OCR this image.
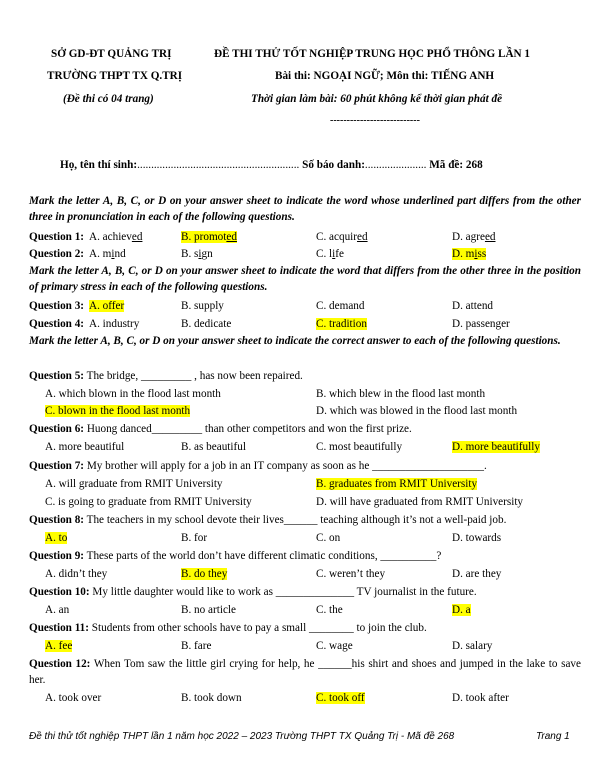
SỞ GD-ĐT QUẢNG TRỊ
TRƯỜNG THPT TX Q.TRỊ
(Đề thi có 04 trang)
ĐỀ THI THỬ TỐT NGHIỆP TRUNG HỌC PHỔ THÔNG LẦN 1
Bài thi: NGOẠI NGỮ; Môn thi: TIẾNG ANH
Thời gian làm bài: 60 phút không kể thời gian phát đề
---------------------------
Họ, tên thí sinh:.......................................................... Số báo danh:...................... Mã đề: 268
Mark the letter A, B, C, or D on your answer sheet to indicate the word whose underlined part differs from the other three in pronunciation in each of the following questions.
Question 1: A. achieved	B. promoted	C. acquired	D. agreed
Question 2: A. mind	B. sign	C. life	D. miss
Mark the letter A, B, C, or D on your answer sheet to indicate the word that differs from the other three in the position of primary stress in each of the following questions.
Question 3: A. offer	B. supply	C. demand	D. attend
Question 4: A. industry	B. dedicate	C. tradition	D. passenger
Mark the letter A, B, C, or D on your answer sheet to indicate the correct answer to each of the following questions.
Question 5: The bridge, _________ , has now been repaired.
A. which blown in the flood last month	B. which blew in the flood last month
C. blown in the flood last month	D. which was blowed in the flood last month
Question 6: Huong danced_________ than other competitors and won the first prize.
A. more beautiful	B. as beautiful	C. most beautifully	D. more beautifully
Question 7: My brother will apply for a job in an IT company as soon as he ____________________.
A. will graduate from RMIT University	B. graduates from RMIT University
C. is going to graduate from RMIT University	D. will have graduated from RMIT University
Question 8: The teachers in my school devote their lives______ teaching although it’s not a well-paid job.
A. to	B. for	C. on	D. towards
Question 9: These parts of the world don’t have different climatic conditions, __________?
A. didn’t they	B. do they	C. weren’t they	D. are they
Question 10: My little daughter would like to work as ______________ TV journalist in the future.
A. an	B. no article	C. the	D. a
Question 11: Students from other schools have to pay a small ________ to join the club.
A. fee	B. fare	C. wage	D. salary
Question 12: When Tom saw the little girl crying for help, he ______his shirt and shoes and jumped in the lake to save her.
A. took over	B. took down	C. took off	D. took after
Đề thi thử tốt nghiệp THPT lần 1 năm học 2022 – 2023 Trường THPT TX Quảng Trị - Mã đề 268	Trang 1
